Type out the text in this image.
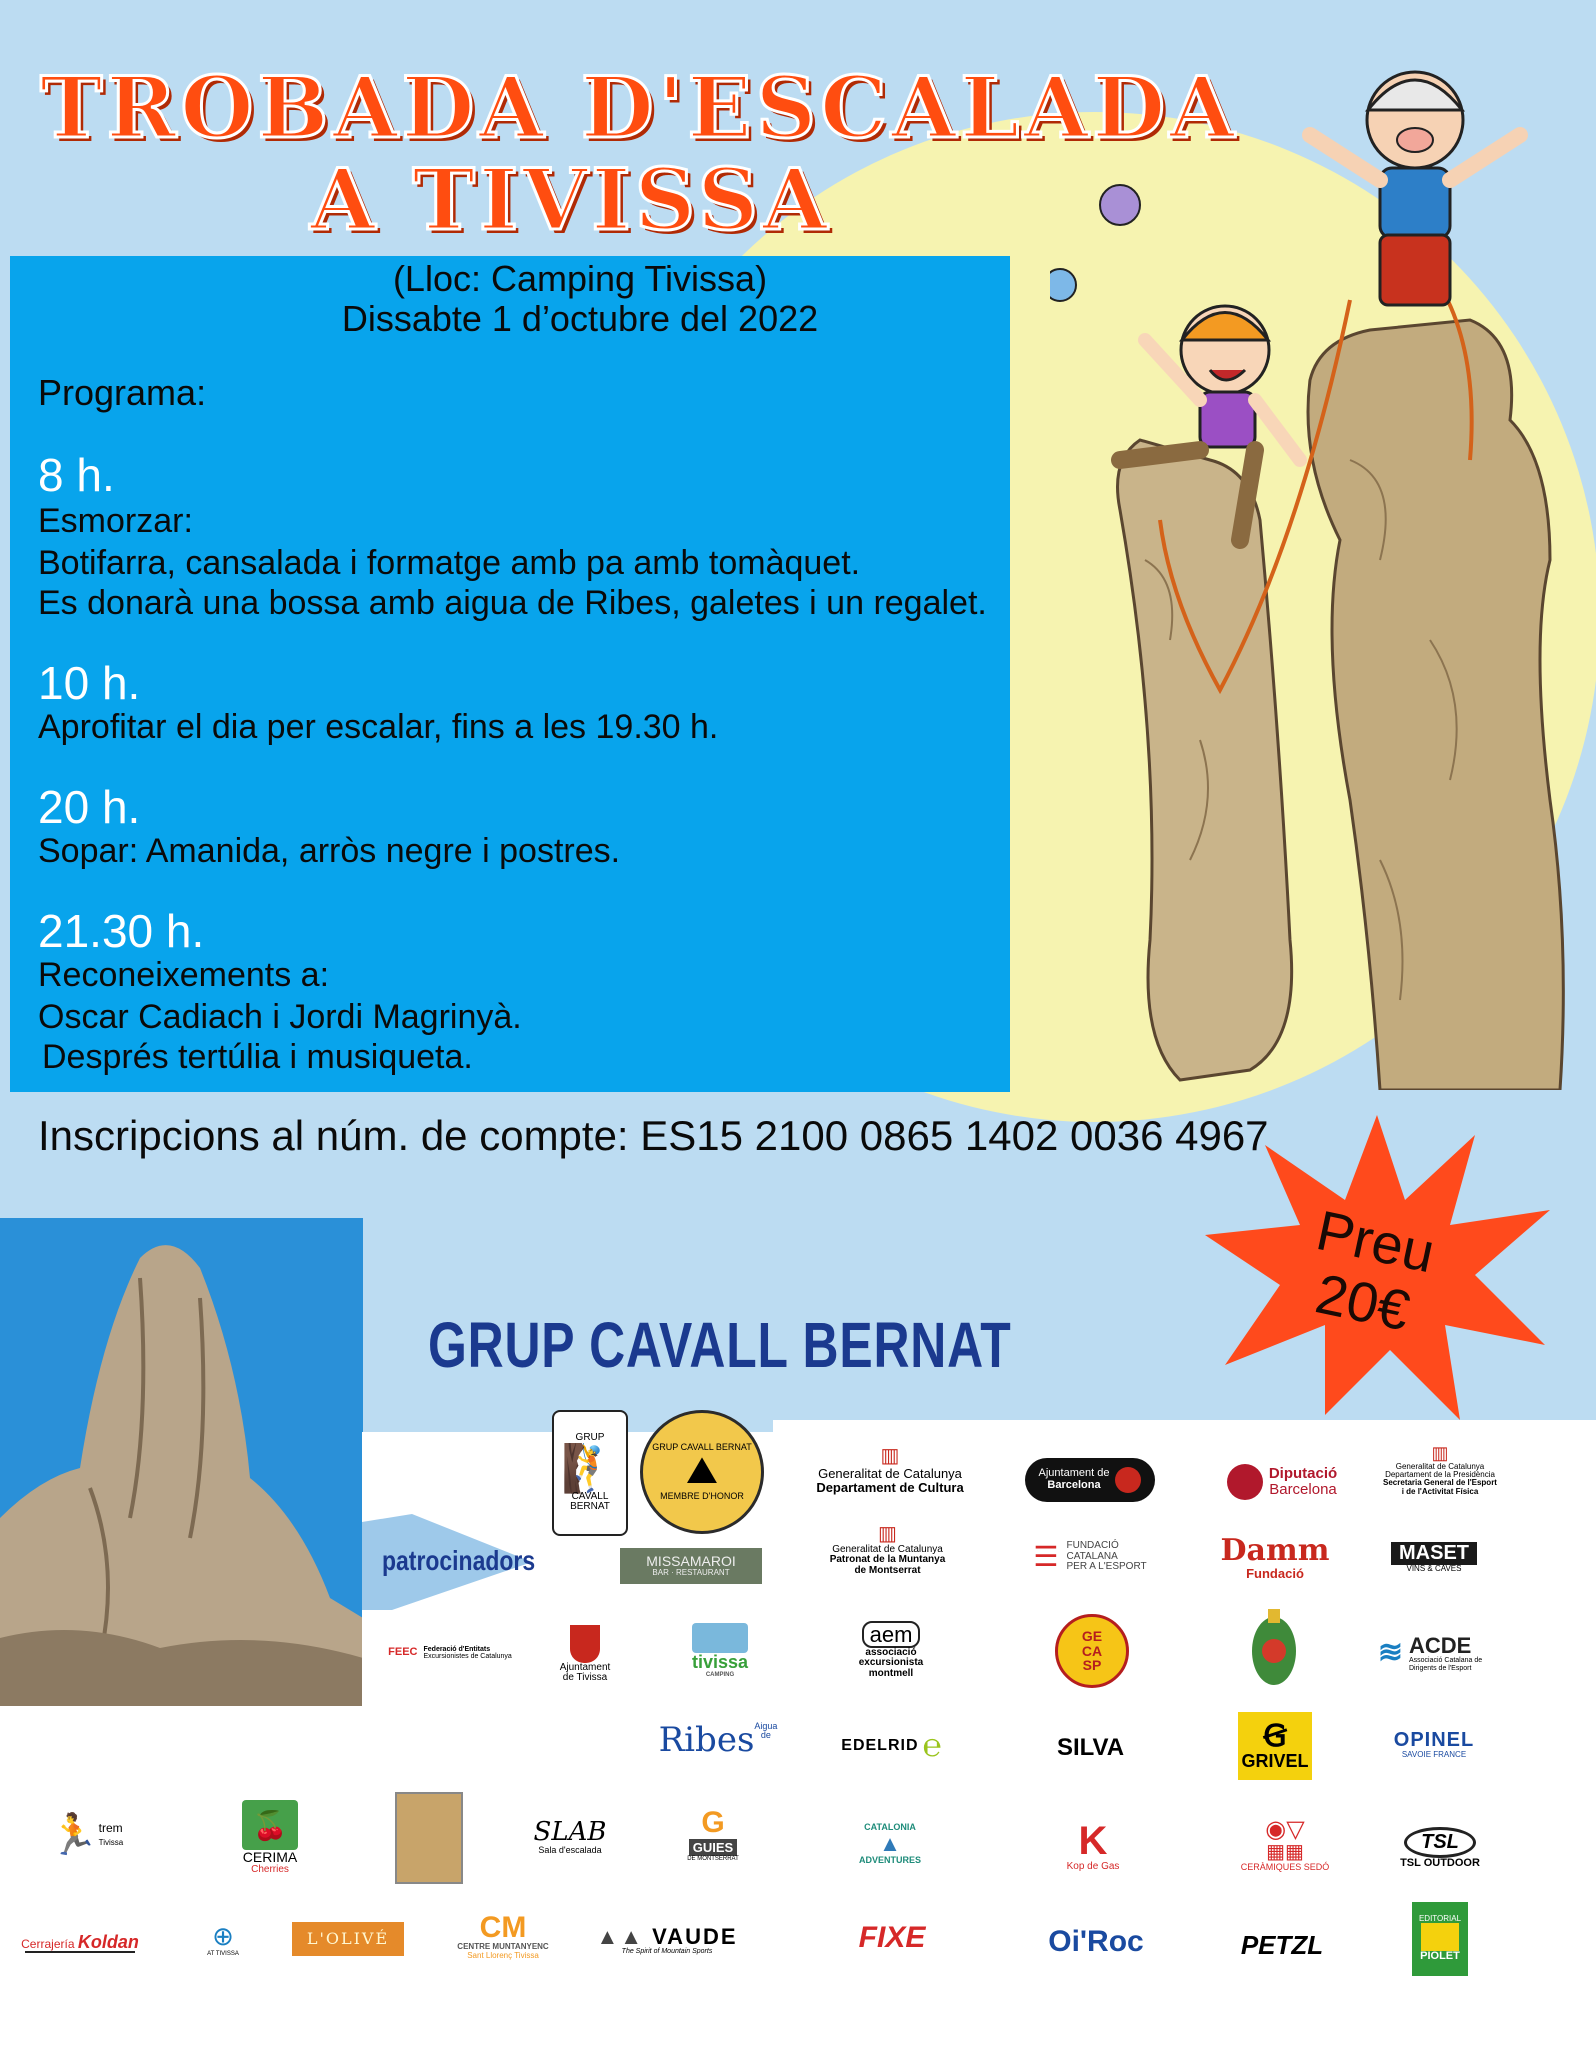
TROBADA D'ESCALADA
A TIVISSA
(Lloc: Camping Tivissa)
Dissabte 1 d’octubre del 2022
Programa:
8 h.
Esmorzar:
Botifarra, cansalada i formatge amb pa amb tomàquet.
Es donarà una bossa amb aigua de Ribes, galetes i un regalet.
10 h.
Aprofitar el dia per escalar, fins a les 19.30 h.
20 h.
Sopar: Amanida, arròs negre i postres.
21.30 h.
Reconeixements a:
Oscar Cadiach i Jordi Magrinyà.
Després tertúlia i musiqueta.
Inscripcions al núm. de compte: ES15 2100 0865 1402 0036 4967
Preu
20€
GRUP CAVALL BERNAT
patrocinadors
GRUP
🧗
CAVALL
BERNAT
GRUP CAVALL BERNAT
⛰
MEMBRE D'HONOR
MISSAMAROI
BAR · RESTAURANT
▥
Generalitat de Catalunya
Departament de Cultura
Ajuntament de
Barcelona
Diputació
Barcelona
▥
Generalitat de Catalunya
Departament de la Presidència
Secretaria General de l'Esport
i de l'Activitat Física
▥
Generalitat de Catalunya
Patronat de la Muntanya
de Montserrat	☰ FUNDACIÓ
CATALANA
PER A L'ESPORT Damm
Fundació
MASET
VINS & CAVES
FEEC Federació d'Entitats
Excursionistes de Catalunya
Ajuntament
de Tivissa
tivissa
CAMPING
aem
associació
excursionista
montmell
GE
CA
SP	≋ ACDE
Associació Catalana de
Dirigents de l'Esport
Ribes Aigua de
EDELRID ℮	SILVA	Ꞡ
GRIVEL
OPINEL
SAVOIE FRANCE
🏃 trem
Tivissa
🍒
CERIMA
Cherries
SLAB
Sala d'escalada
G
GUIES
DE MONTSERRAT
CATALONIA
▲
ADVENTURES	K
Kop de Gas
◉▽
▦▦
CERÀMIQUES SEDÓ
TSL
TSL OUTDOOR
Cerrajería Koldan	⊕
AT TIVISSA
L'OLIVÉ	CM
CENTRE MUNTANYENC
Sant Llorenç Tivissa
▲▲ VAUDE
The Spirit of Mountain Sports	FIXE	Oi'Roc	PETZL
EDITORIAL
PIOLET
